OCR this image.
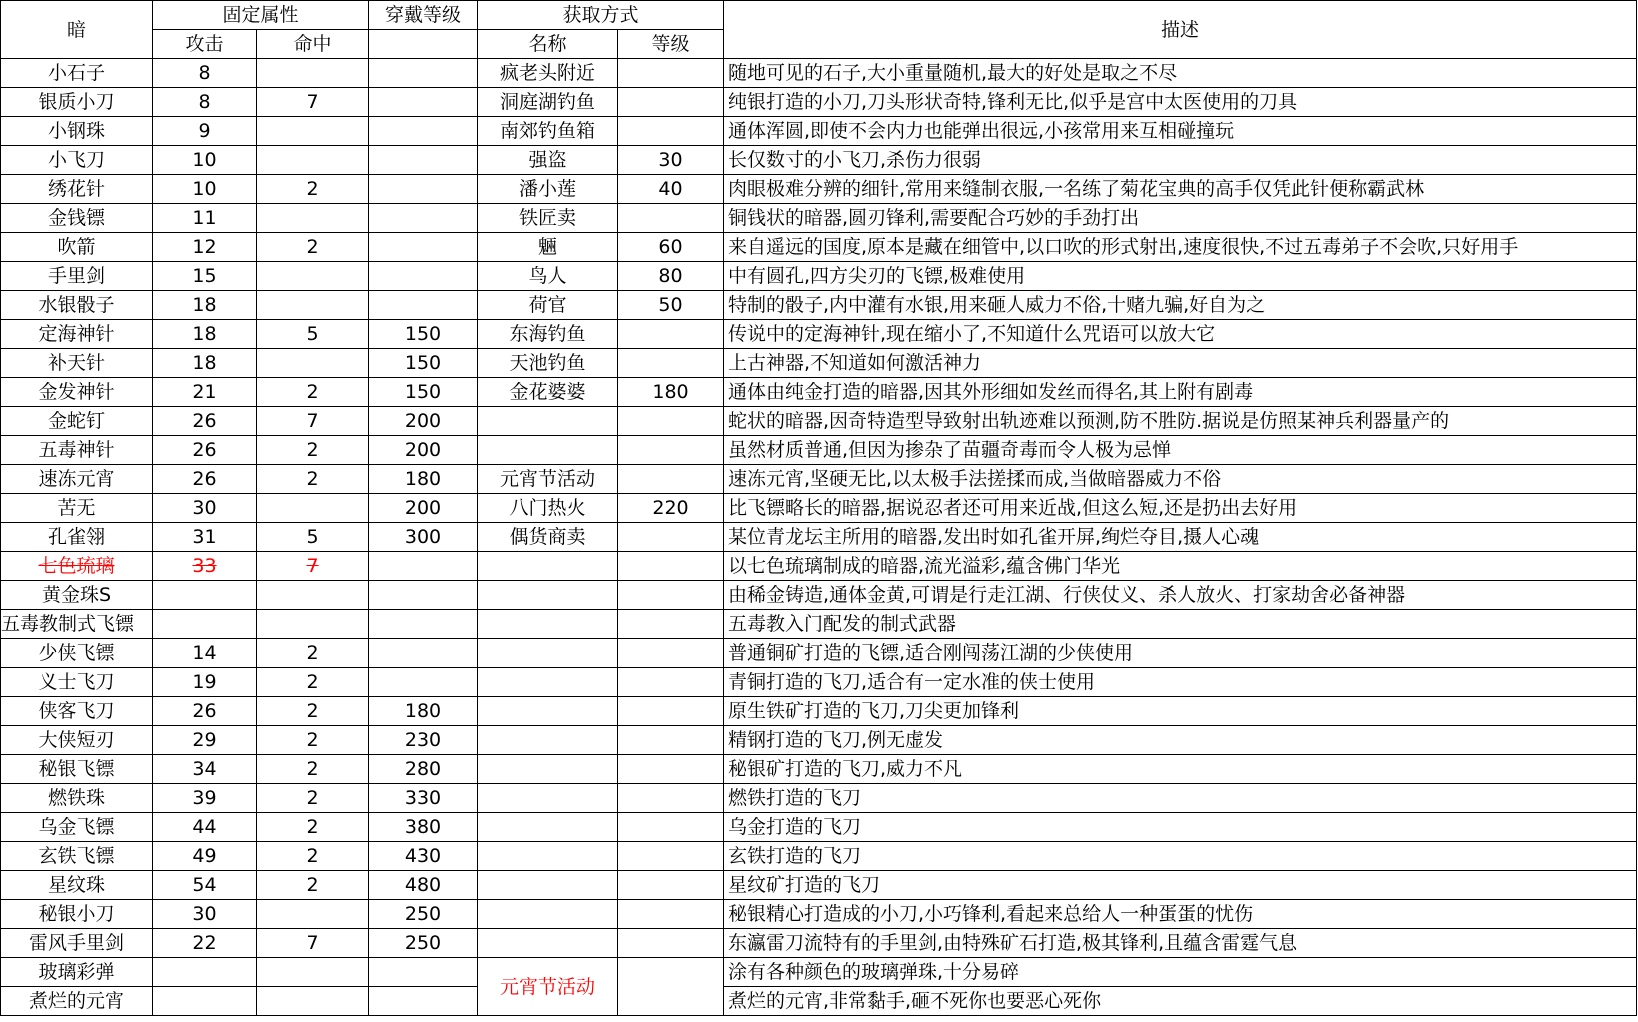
暗	固定属性		穿戴等级	获取方式		描述
	攻击	命中		名称	等级	
小石子	8			疯老头附近		随地可见的石子,大小重量随机,最大的好处是取之不尽
银质小刀	8	7		洞庭湖钓鱼		纯银打造的小刀,刀头形状奇特,锋利无比,似乎是宫中太医使用的刀具
小钢珠	9			南郊钓鱼箱		通体浑圆,即使不会内力也能弹出很远,小孩常用来互相碰撞玩
小飞刀	10			强盗	30	长仅数寸的小飞刀,杀伤力很弱
绣花针	10	2		潘小莲	40	肉眼极难分辨的细针,常用来缝制衣服,一名练了菊花宝典的高手仅凭此针便称霸武林
金钱镖	11			铁匠卖		铜钱状的暗器,圆刃锋利,需要配合巧妙的手劲打出
吹箭	12	2		魎	60	来自遥远的国度,原本是藏在细管中,以口吹的形式射出,速度很快,不过五毒弟子不会吹,只好用手
手里剑	15			鸟人	80	中有圆孔,四方尖刃的飞镖,极难使用
水银骰子	18			荷官	50	特制的骰子,内中灌有水银,用来砸人威力不俗,十赌九骗,好自为之
定海神针	18	5	150	东海钓鱼		传说中的定海神针,现在缩小了,不知道什么咒语可以放大它
补天针	18		150	天池钓鱼		上古神器,不知道如何激活神力
金发神针	21	2	150	金花婆婆	180	通体由纯金打造的暗器,因其外形细如发丝而得名,其上附有剧毒
金蛇钉	26	7	200			蛇状的暗器,因奇特造型导致射出轨迹难以预测,防不胜防.据说是仿照某神兵利器量产的
五毒神针	26	2	200			虽然材质普通,但因为掺杂了苗疆奇毒而令人极为忌惮
速冻元宵	26	2	180	元宵节活动		速冻元宵,坚硬无比,以太极手法搓揉而成,当做暗器威力不俗
苦无	30		200	八门热火	220	比飞镖略长的暗器,据说忍者还可用来近战,但这么短,还是扔出去好用
孔雀翎	31	5	300	偶货商卖		某位青龙坛主所用的暗器,发出时如孔雀开屏,绚烂夺目,摄人心魂
七色琉璃	33	7				以七色琉璃制成的暗器,流光溢彩,蕴含佛门华光
黄金珠S						由稀金铸造,通体金黄,可谓是行走江湖、行侠仗义、杀人放火、打家劫舍必备神器
五毒教制式飞镖						五毒教入门配发的制式武器
少侠飞镖	14	2				普通铜矿打造的飞镖,适合刚闯荡江湖的少侠使用
义士飞刀	19	2				青铜打造的飞刀,适合有一定水准的侠士使用
侠客飞刀	26	2	180			原生铁矿打造的飞刀,刀尖更加锋利
大侠短刃	29	2	230			精钢打造的飞刀,例无虚发
秘银飞镖	34	2	280			秘银矿打造的飞刀,威力不凡
燃铁珠	39	2	330			燃铁打造的飞刀
乌金飞镖	44	2	380			乌金打造的飞刀
玄铁飞镖	49	2	430			玄铁打造的飞刀
星纹珠	54	2	480			星纹矿打造的飞刀
秘银小刀	30		250			秘银精心打造成的小刀,小巧锋利,看起来总给人一种蛋蛋的忧伤
雷风手里剑	22	7	250			东瀛雷刀流特有的手里剑,由特殊矿石打造,极其锋利,且蕴含雷霆气息
玻璃彩弹				元宵节活动		涂有各种颜色的玻璃弹珠,十分易碎
煮烂的元宵						煮烂的元宵,非常黏手,砸不死你也要恶心死你
